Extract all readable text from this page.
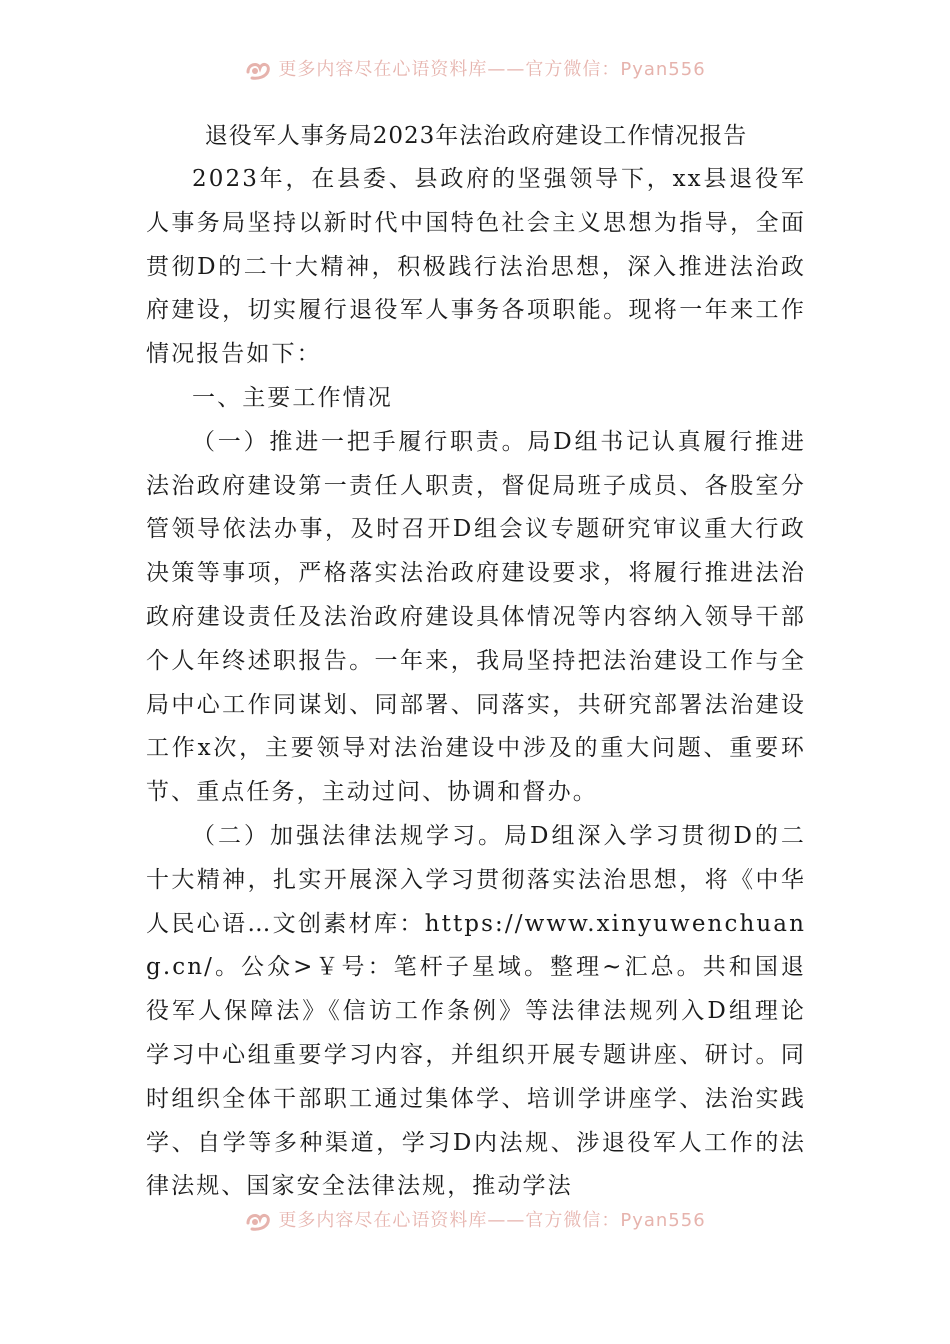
更多内容尽在心语资料库——官方微信：Pyan556
退役军人事务局2023年法治政府建设工作情况报告

2023年，在县委、县政府的坚强领导下，xx县退役军人事务局坚持以新时代中国特色社会主义思想为指导，全面贯彻D的二十大精神，积极践行法治思想，深入推进法治政府建设，切实履行退役军人事务各项职能。现将一年来工作情况报告如下：

一、主要工作情况

（一）推进一把手履行职责。局D组书记认真履行推进法治政府建设第一责任人职责，督促局班子成员、各股室分管领导依法办事，及时召开D组会议专题研究审议重大行政决策等事项，严格落实法治政府建设要求，将履行推进法治政府建设责任及法治政府建设具体情况等内容纳入领导干部个人年终述职报告。一年来，我局坚持把法治建设工作与全局中心工作同谋划、同部署、同落实，共研究部署法治建设工作x次，主要领导对法治建设中涉及的重大问题、重要环节、重点任务，主动过问、协调和督办。

（二）加强法律法规学习。局D组深入学习贯彻D的二十大精神，扎实开展深入学习贯彻落实法治思想，将《中华人民心语…文创素材库：https://www.xinyuwenchuang.cn/。公众>￥号：笔杆子星域。整理~汇总。共和国退役军人保障法》《信访工作条例》等法律法规列入D组理论学习中心组重要学习内容，并组织开展专题讲座、研讨。同时组织全体干部职工通过集体学、培训学讲座学、法治实践学、自学等多种渠道，学习D内法规、涉退役军人工作的法律法规、国家安全法律法规，推动学法

更多内容尽在心语资料库——官方微信：Pyan556
